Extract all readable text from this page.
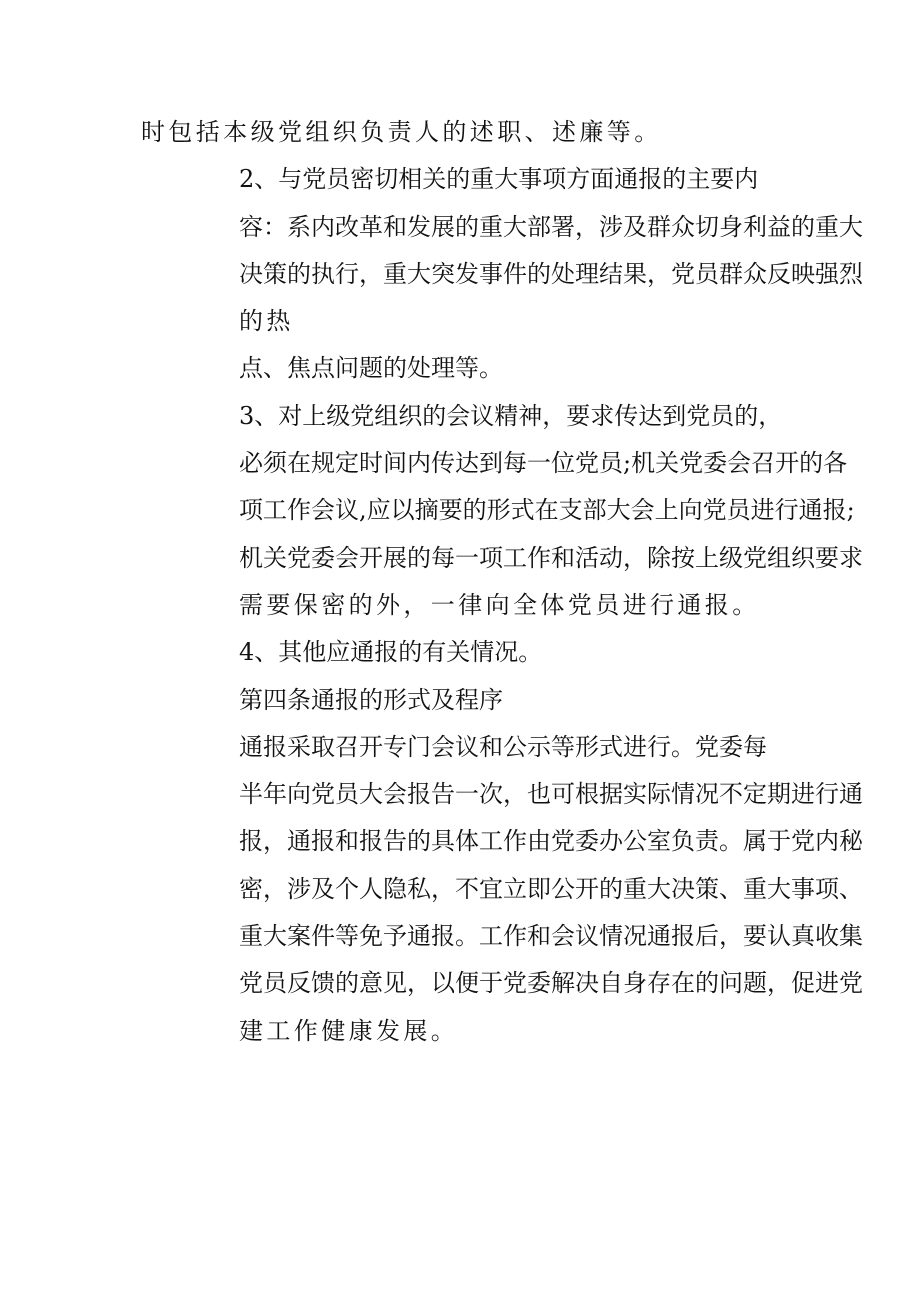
时包括本级党组织负责人的述职、述廉等。

2、与党员密切相关的重大事项方面通报的主要内
容：系内改革和发展的重大部署，涉及群众切身利益的重大
决策的执行，重大突发事件的处理结果，党员群众反映强烈
的热

点、焦点问题的处理等。

3、对上级党组织的会议精神，要求传达到党员的，
必须在规定时间内传达到每一位党员;机关党委会召开的各
项工作会议,应以摘要的形式在支部大会上向党员进行通报;
机关党委会开展的每一项工作和活动，除按上级党组织要求
需要保密的外，一律向全体党员进行通报。

4、其他应通报的有关情况。

第四条通报的形式及程序

通报采取召开专门会议和公示等形式进行。党委每
半年向党员大会报告一次，也可根据实际情况不定期进行通
报，通报和报告的具体工作由党委办公室负责。属于党内秘
密，涉及个人隐私，不宜立即公开的重大决策、重大事项、
重大案件等免予通报。工作和会议情况通报后，要认真收集
党员反馈的意见，以便于党委解决自身存在的问题，促进党
建工作健康发展。
